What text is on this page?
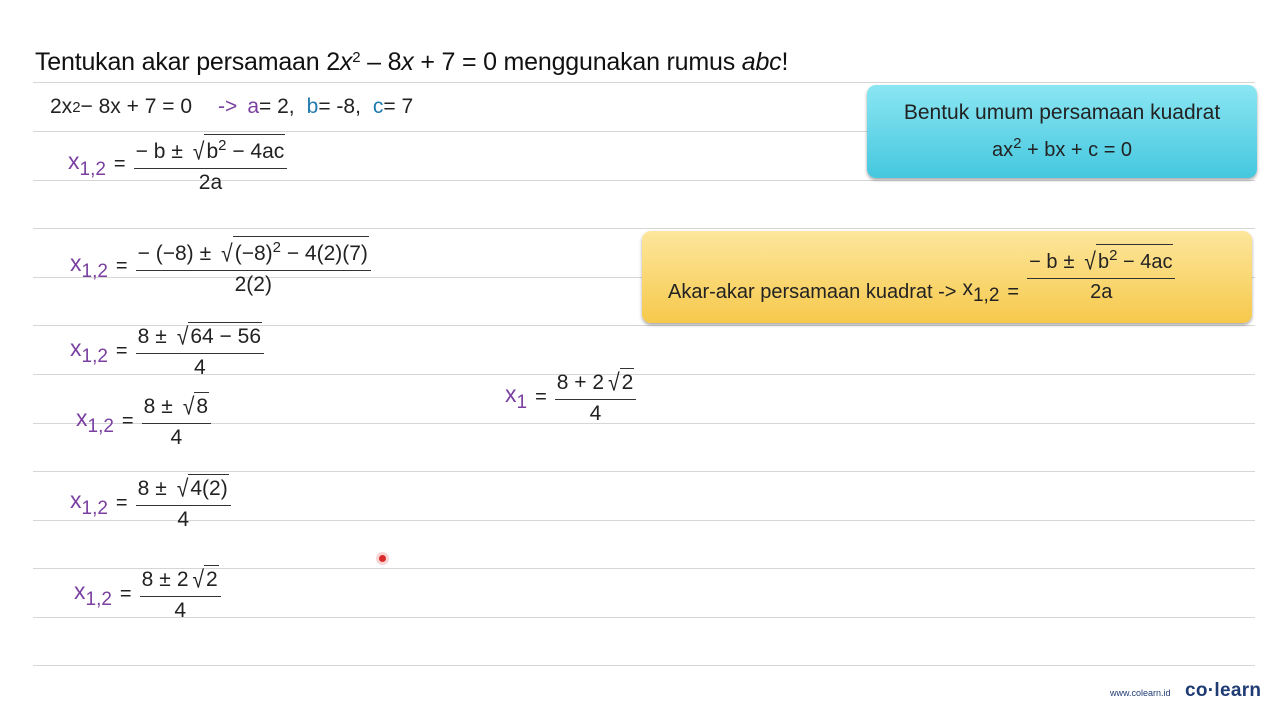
Tentukan akar persamaan $2x^2 - 8x + 7 = 0$ menggunakan rumus abc!
2x 2 − 8x + 7 = 0 -> a = 2, b = -8, c = 7
$x_{1,2} = \frac{- b \pm √ b^2 - 4ac}{2a}$
$x_{1,2} = \frac{- (-8) \pm √ (-8)^2 - 4(2)(7)}{2(2)}$
$x_{1,2} = \frac{8 \pm √ 64 - 56}{4}$
$x_{1,2} = \frac{8 \pm √ 8}{4}$	$x_1 = \frac{8 + 2 √ 2}{4}$
$x_{1,2} = \frac{8 \pm √ 4(2)}{4}$
$x_{1,2} = \frac{8 \pm 2 √ 2}{4}$
Bentuk umum persamaan kuadrat
$ax^2$ + bx + c = 0
Akar-akar persamaan kuadrat -> $x_{1,2} = \frac{- b \pm √ b^2 - 4ac}{2a}$
www.colearn.id co·learn
